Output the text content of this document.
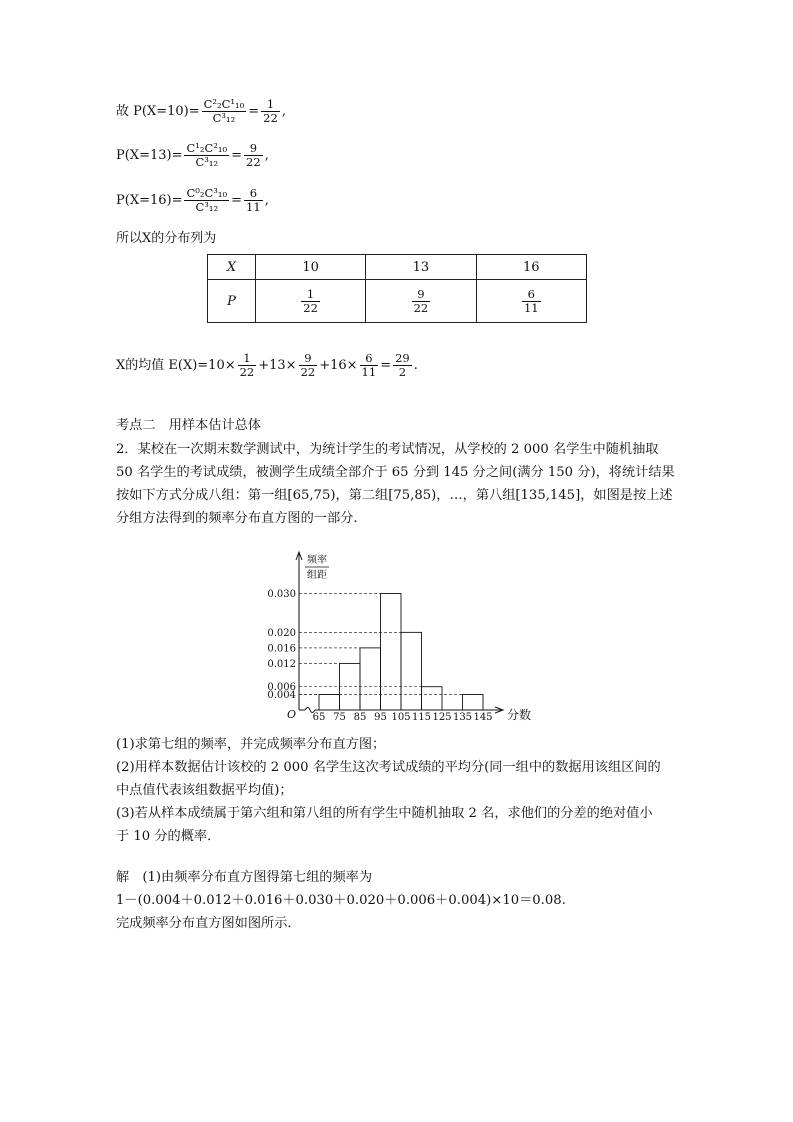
故 $P(X=10)= \frac{\text{C²₂C¹₁₀}}{\text{C³₁₂}} = \frac{1}{22}$ ,
$P(X=13)= \frac{\text{C¹₂C²₁₀}}{\text{C³₁₂}} = \frac{9}{22}$ ,
$P(X=16)= \frac{\text{C⁰₂C³₁₀}}{\text{C³₁₂}} = \frac{6}{11}$ ,
所以X的分布列为
X	10	13	16
P	$\frac{1}{22}$	$\frac{9}{22}$	$\frac{6}{11}$
X的均值 $E(X)=10\times \frac{1}{22} +13\times \frac{9}{22} +16\times \frac{6}{11} = \frac{29}{2}$ .
考点二　用样本估计总体
2．某校在一次期末数学测试中，为统计学生的考试情况，从学校的 2 000 名学生中随机抽取
50 名学生的考试成绩，被测学生成绩全部介于 65 分到 145 分之间(满分 150 分)，将统计结果
按如下方式分成八组：第一组[65,75)，第二组[75,85)，…，第八组[135,145]，如图是按上述
分组方法得到的频率分布直方图的一部分.
0.004
0.006
0.012
0.016
0.020
0.030
65 75 85 95 105 115 125 135 145
频率
组距
分数
O
(1)求第七组的频率，并完成频率分布直方图；
(2)用样本数据估计该校的 2 000 名学生这次考试成绩的平均分(同一组中的数据用该组区间的
中点值代表该组数据平均值)；
(3)若从样本成绩属于第六组和第八组的所有学生中随机抽取 2 名，求他们的分差的绝对值小
于 10 分的概率．
解　(1)由频率分布直方图得第七组的频率为
1－(0.004＋0.012＋0.016＋0.030＋0.020＋0.006＋0.004)×10＝0.08.
完成频率分布直方图如图所示．
